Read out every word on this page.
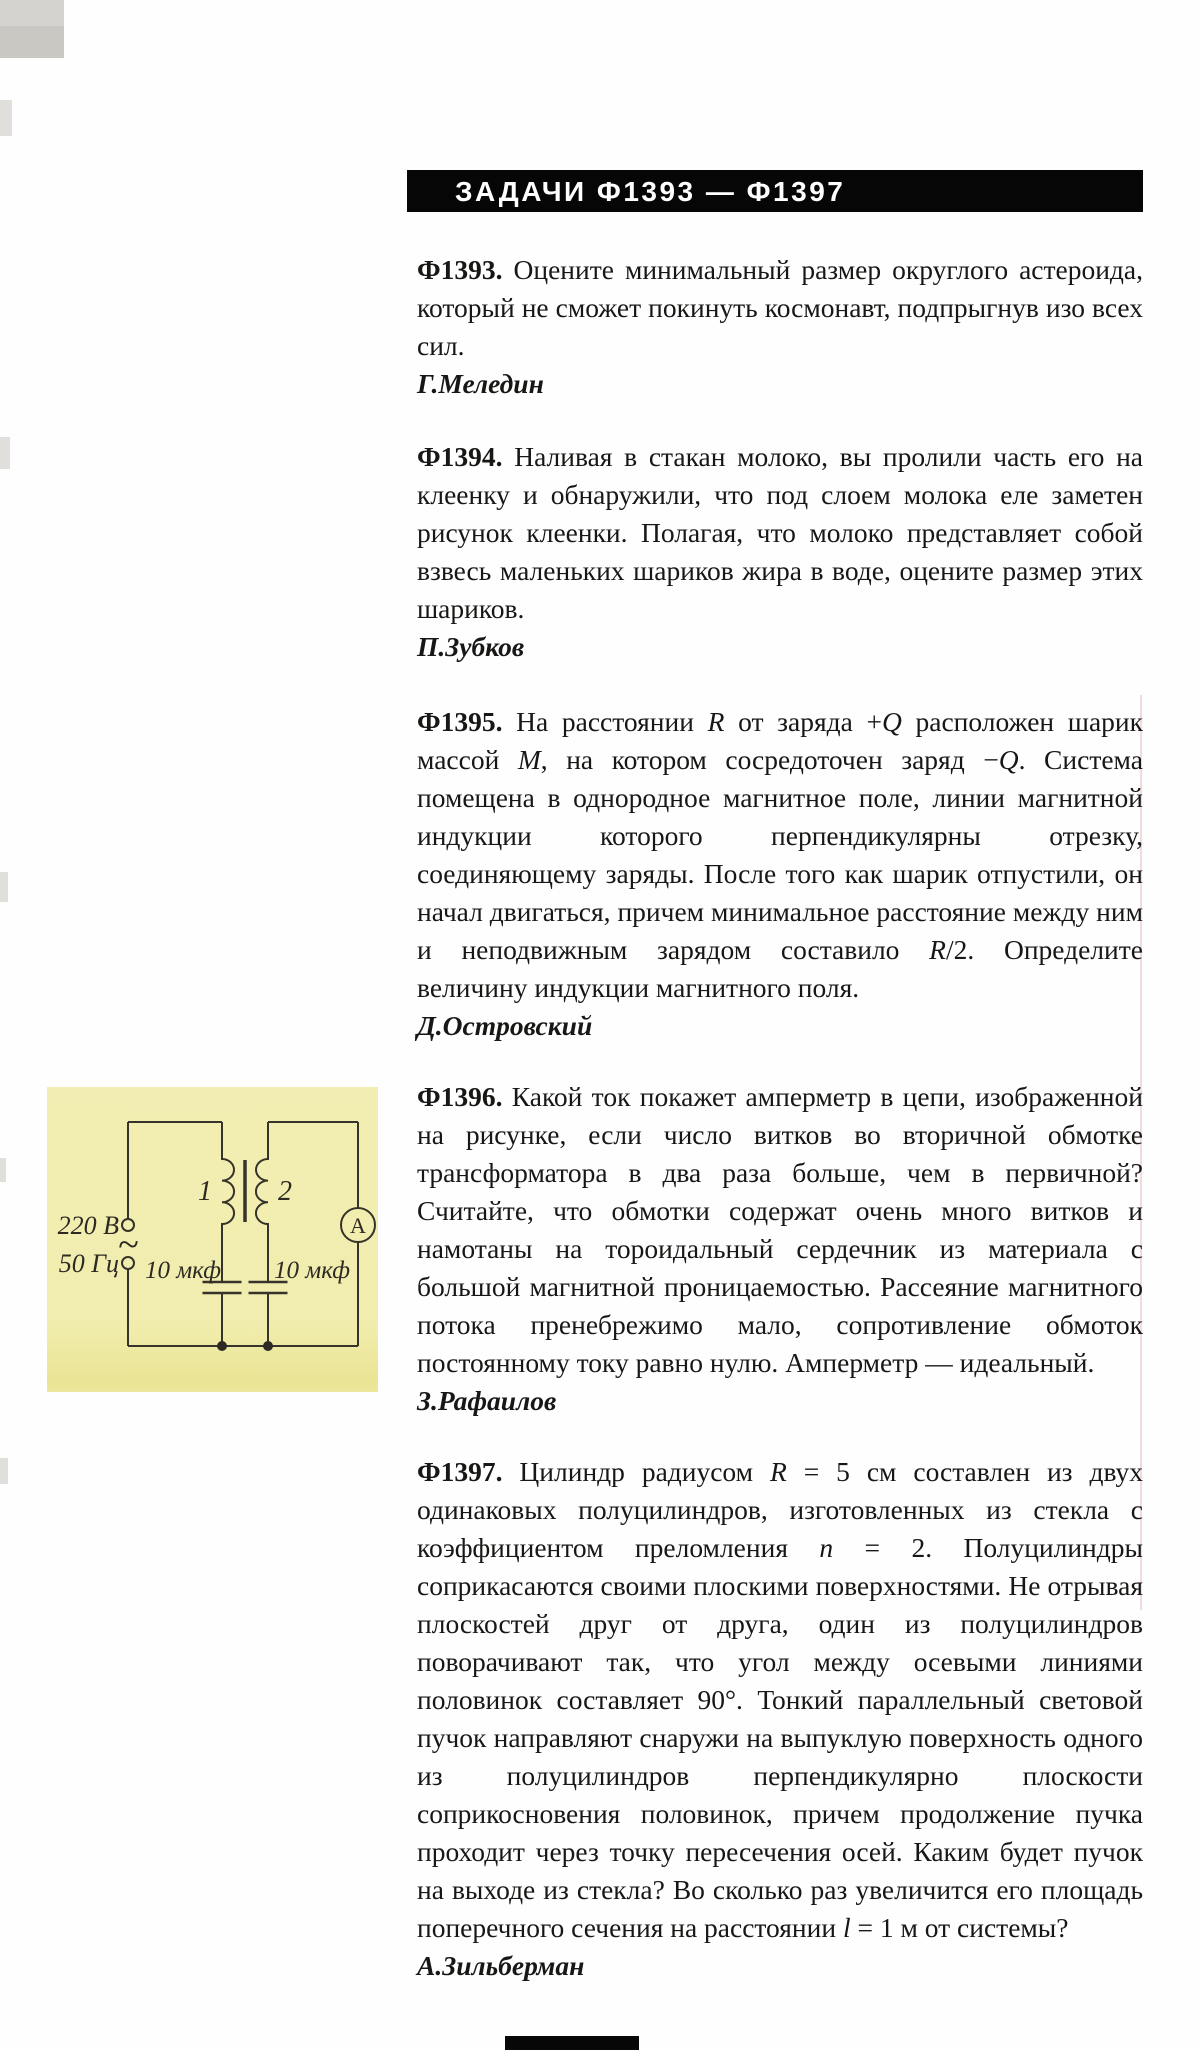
ЗАДАЧИ Ф1393 — Ф1397

Ф1393. Оцените минимальный размер округлого астероида, который не сможет покинуть космонавт, подпрыгнув изо всех сил.

Г.Меледин

Ф1394. Наливая в стакан молоко, вы пролили часть его на клеенку и обнаружили, что под слоем молока еле заметен рисунок клеенки. Полагая, что молоко представляет собой взвесь маленьких шариков жира в воде, оцените размер этих шариков.

П.Зубков

Ф1395. На расстоянии R от заряда +Q расположен шарик массой M, на котором сосредоточен заряд −Q. Система помещена в однородное магнитное поле, линии магнитной индукции которого перпендикулярны отрезку, соединяющему заряды. После того как шарик отпустили, он начал двигаться, причем минимальное расстояние между ним и неподвижным зарядом составило R/2. Определите величину индукции магнитного поля.

Д.Островский

Ф1396. Какой ток покажет амперметр в цепи, изображенной на рисунке, если число витков во вторичной обмотке трансформатора в два раза больше, чем в первичной? Считайте, что обмотки содержат очень много витков и намотаны на тороидальный сердечник из материала с большой магнитной проницаемостью. Рассеяние магнитного потока пренебрежимо мало, сопротивление обмоток постоянному току равно нулю. Амперметр — идеальный.

З.Рафаилов

Ф1397. Цилиндр радиусом R = 5 см составлен из двух одинаковых полуцилиндров, изготовленных из стекла с коэффициентом преломления n = 2. Полуцилиндры соприкасаются своими плоскими поверхностями. Не отрывая плоскостей друг от друга, один из полуцилиндров поворачивают так, что угол между осевыми линиями половинок составляет 90°. Тонкий параллельный световой пучок направляют снаружи на выпуклую поверхность одного из полуцилиндров перпендикулярно плоскости соприкосновения половинок, причем продолжение пучка проходит через точку пересечения осей. Каким будет пучок на выходе из стекла? Во сколько раз увеличится его площадь поперечного сечения на расстоянии l = 1 м от системы?

А.Зильберман
220 В
~
50 Гц
1 2
10 мкф 10 мкф
А
